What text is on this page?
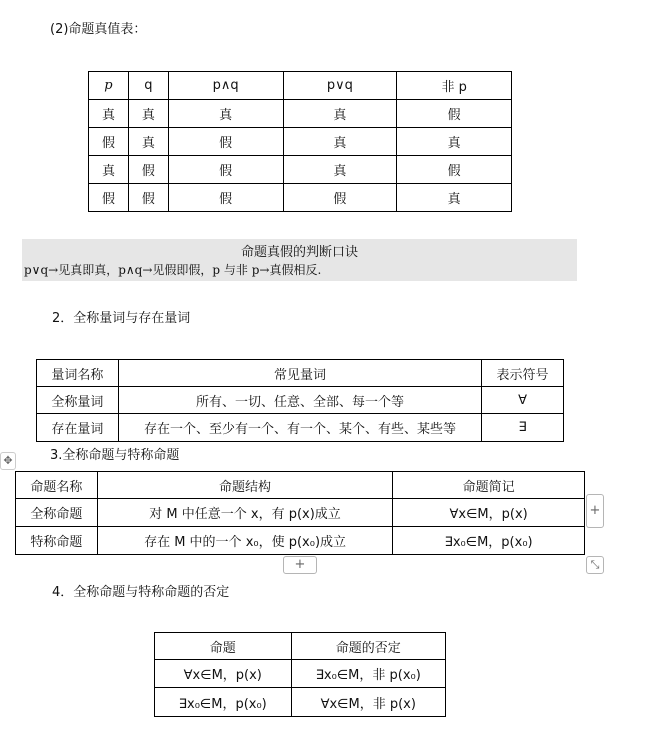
(2)命题真值表：
p	q	p∧q	p∨q	非 p
真	真	真	真	假
假	真	假	真	真
真	假	假	真	假
假	假	假	假	真
命题真假的判断口诀
p∨q→见真即真，p∧q→见假即假，p 与非 p→真假相反.
2．全称量词与存在量词
量词名称	常见量词	表示符号
全称量词	所有、一切、任意、全部、每一个等	∀
存在量词	存在一个、至少有一个、有一个、某个、有些、某些等	∃
✥	3.全称命题与特称命题
命题名称	命题结构	命题简记
全称命题	对 M 中任意一个 x，有 p(x)成立	∀x∈M，p(x)
特称命题	存在 M 中的一个 x₀，使 p(x₀)成立	∃x₀∈M，p(x₀)
+
+	⤡
4．全称命题与特称命题的否定
命题	命题的否定
∀x∈M，p(x)	∃x₀∈M，非 p(x₀)
∃x₀∈M，p(x₀)	∀x∈M，非 p(x)
